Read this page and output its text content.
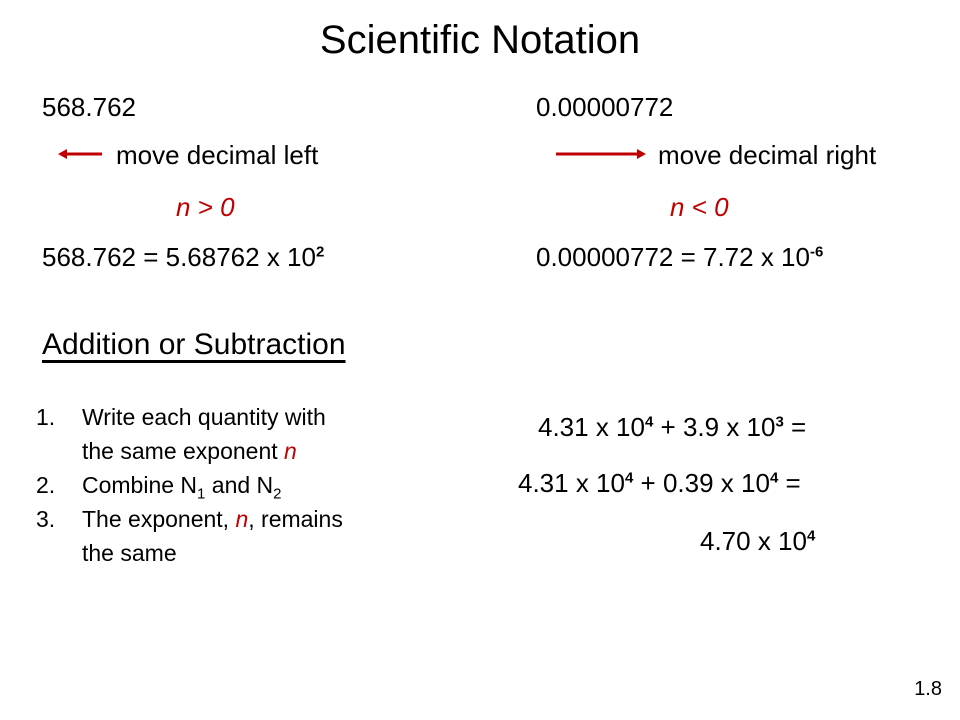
Scientific Notation
568.762
move decimal left
n > 0
568.762 = 5.68762 x $10^2$
0.00000772
move decimal right
n < 0
0.00000772 = 7.72 x $10^{-6}$
Addition or Subtraction
1. Write each quantity with
the same exponent n
2. Combine $N_1$ and $N_2$
3. The exponent, n, remains
the same
4.31 x $10^4 + 3.9$ x $10^3$ =
4.31 x $10^4 + 0.39$ x $10^4$ =
4.70 x $10^4$
1.8
